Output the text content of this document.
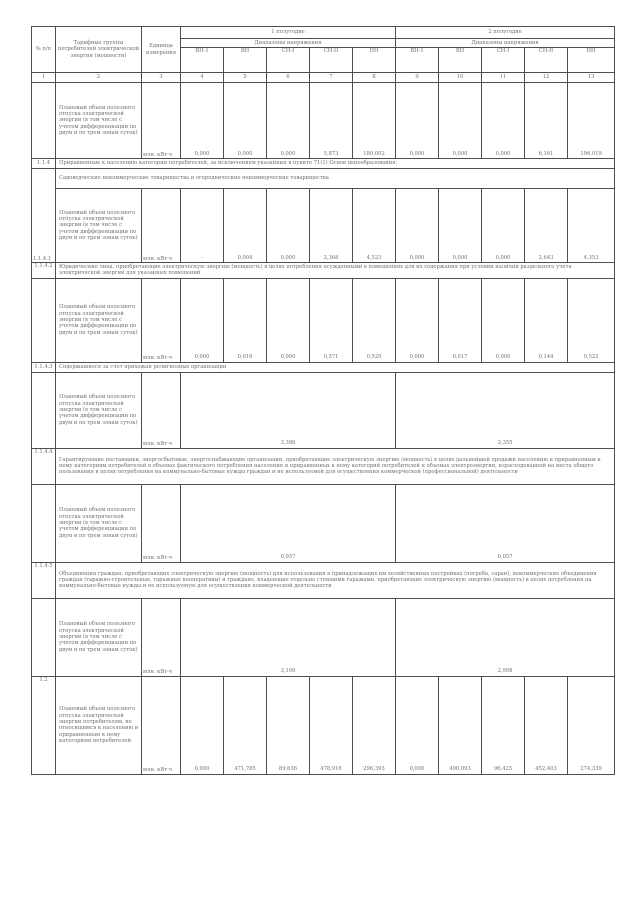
№ п/п	Тарифные группы потребителей электрической энергии (мощности)	Единица измерения	1 полугодие					2 полугодие				
			Диапазоны напряжения					Диапазоны напряжения				
			ВН-1	ВН	СН-I	СН-II	НН	ВН-1	ВН	СН-I	СН-II	НН
1	2	3	4	5	6	7	8	9	10	11	12	13
	Плановый объем полезного отпуска электрической энергии (в том числе с учетом дифференциации по двум и по трем зонам суток)	млн. кВт·ч	0,000	0,000	0,000	5,873	180,002	0,000	0,000	0,000	6,161	196,019
1.1.4	Приравненные к населению категории потребителей, за исключением указанных в пункте 71(1) Основ ценообразования:											
1.1.4.1	Садоводческие некоммерческие товарищества и огороднические некоммерческие товарищества											
	Плановый объем полезного отпуска электрической энергии (в том числе с учетом дифференциации по двум и по трем зонам суток)	млн. кВт·ч	-	0,004	0,000	2,368	4,523	0,000	0,000	0,000	2,643	4,353
1.1.4.2	Юридические лица, приобретающие электрическую энергию (мощность) в целях потребления осужденными в помещениях для их содержания при условии наличия раздельного учета электрической энергии для указанных помещений											
	Плановый объем полезного отпуска электрической энергии (в том числе с учетом дифференциации по двум и по трем зонам суток)	млн. кВт·ч	0,000	0,016	0,000	0,571	0,529	0,000	0,017	0,000	0,144	0,522
1.1.4.3	Содержащиеся за счет прихожан религиозные организации											
	Плановый объем полезного отпуска электрической энергии (в том числе с учетом дифференциации по двум и по трем зонам суток)	млн. кВт·ч	3,386					3,355				
1.1.4.4	Гарантирующие поставщики, энергосбытовые, энергоснабжающие организации, приобретающие электрическую энергию (мощность) в целях дальнейшей продажи населению и приравненным к нему категориям потребителей в объемах фактического потребления населения и приравненных к нему категорий потребителей и объемах электроэнергии, израсходованной на места общего пользования в целях потребления на коммунально-бытовые нужды граждан и не используемой для осуществления коммерческой (профессиональной) деятельности											
	Плановый объем полезного отпуска электрической энергии (в том числе с учетом дифференциации по двум и по трем зонам суток)	млн. кВт·ч	0,057					0,057				
1.1.4.5	Объединения граждан, приобретающих электрическую энергию (мощность) для использования в принадлежащих им хозяйственных постройках (погреба, сараи), некоммерческие объединения граждан (гаражно-строительные, гаражные кооперативы) и граждане, владеющие отдельно стоящими гаражами, приобретающие электрическую энергию (мощность) в целях потребления на коммунально-бытовые нужды и не используемую для осуществления коммерческой деятельности											
	Плановый объем полезного отпуска электрической энергии (в том числе с учетом дифференциации по двум и по трем зонам суток)	млн. кВт·ч	3,109					2,998				
1.2	Плановый объем полезного отпуска электрической энергии потребителям, не относящимся к населению и приравненным к нему категориям потребителей	млн. кВт·ч	0,000	471,785	89,636	478,916	296,393	0,000	490,093	96,425	452,403	274,339
